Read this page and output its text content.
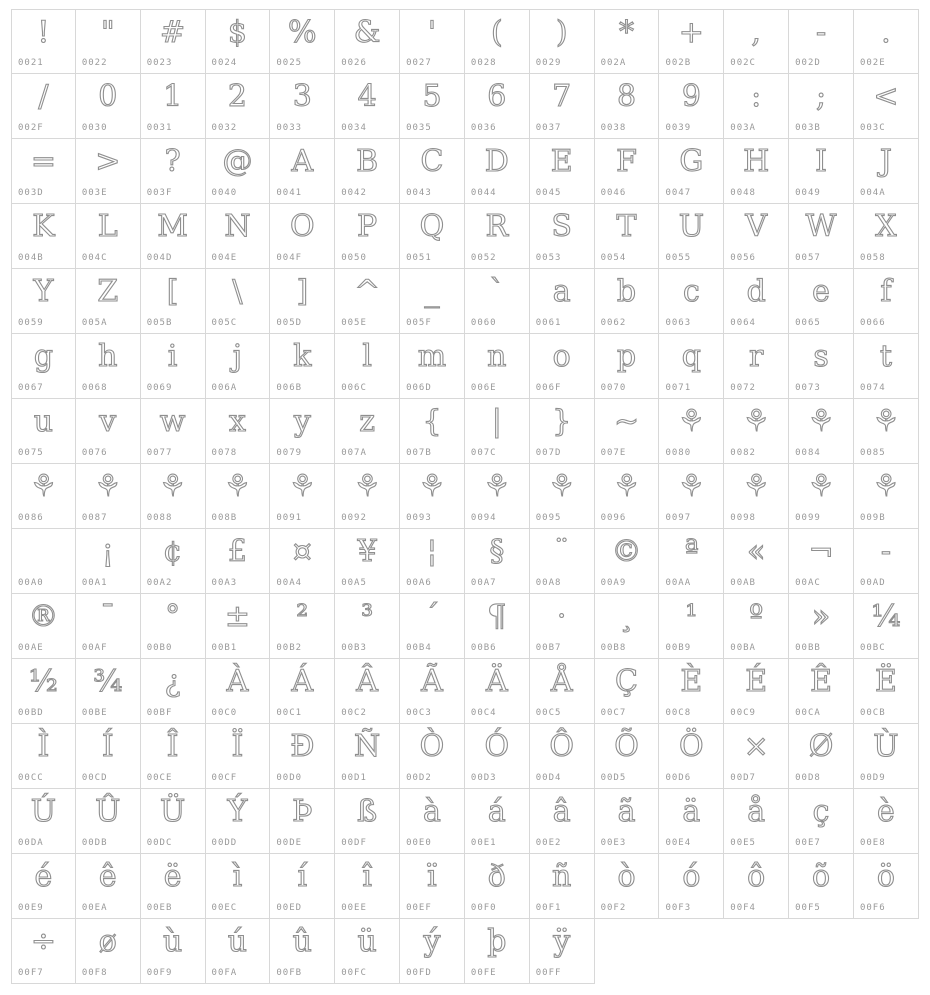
!
0021
"
0022
#
0023
$
0024
%
0025
&
0026
'
0027
(
0028
)
0029
*
002A
+
002B
,
002C
-
002D
.
002E
/
002F
0
0030
1
0031
2
0032
3
0033
4
0034
5
0035
6
0036
7
0037
8
0038
9
0039
:
003A
;
003B
<
003C
=
003D
>
003E
?
003F
@
0040
A
0041
B
0042
C
0043
D
0044
E
0045
F
0046
G
0047
H
0048
I
0049
J
004A
K
004B
L
004C
M
004D
N
004E
O
004F
P
0050
Q
0051
R
0052
S
0053
T
0054
U
0055
V
0056
W
0057
X
0058
Y
0059
Z
005A
[
005B
\
005C
]
005D
^
005E
_
005F
`
0060
a
0061
b
0062
c
0063
d
0064
e
0065
f
0066
g
0067
h
0068
i
0069
j
006A
k
006B
l
006C
m
006D
n
006E
o
006F
p
0070
q
0071
r
0072
s
0073
t
0074
u
0075
v
0076
w
0077
x
0078
y
0079
z
007A
{
007B
|
007C
}
007D
~
007E
⚘
0080
⚘
0082
⚘
0084
⚘
0085
⚘
0086
⚘
0087
⚘
0088
⚘
008B
⚘
0091
⚘
0092
⚘
0093
⚘
0094
⚘
0095
⚘
0096
⚘
0097
⚘
0098
⚘
0099
⚘
009B
00A0
¡
00A1
¢
00A2
£
00A3
¤
00A4
¥
00A5
¦
00A6
§
00A7
¨
00A8
©
00A9
ª
00AA
«
00AB
¬
00AC
-
00AD
®
00AE
¯
00AF
°
00B0
±
00B1
²
00B2
³
00B3
´
00B4
¶
00B6
·
00B7
¸
00B8
¹
00B9
º
00BA
»
00BB
¼
00BC
½
00BD
¾
00BE
¿
00BF
À
00C0
Á
00C1
Â
00C2
Ã
00C3
Ä
00C4
Å
00C5
Ç
00C7
È
00C8
É
00C9
Ê
00CA
Ë
00CB
Ì
00CC
Í
00CD
Î
00CE
Ï
00CF
Ð
00D0
Ñ
00D1
Ò
00D2
Ó
00D3
Ô
00D4
Õ
00D5
Ö
00D6
×
00D7
Ø
00D8
Ù
00D9
Ú
00DA
Û
00DB
Ü
00DC
Ý
00DD
Þ
00DE
ß
00DF
à
00E0
á
00E1
â
00E2
ã
00E3
ä
00E4
å
00E5
ç
00E7
è
00E8
é
00E9
ê
00EA
ë
00EB
ì
00EC
í
00ED
î
00EE
ï
00EF
ð
00F0
ñ
00F1
ò
00F2
ó
00F3
ô
00F4
õ
00F5
ö
00F6
÷
00F7
ø
00F8
ù
00F9
ú
00FA
û
00FB
ü
00FC
ý
00FD
þ
00FE
ÿ
00FF
